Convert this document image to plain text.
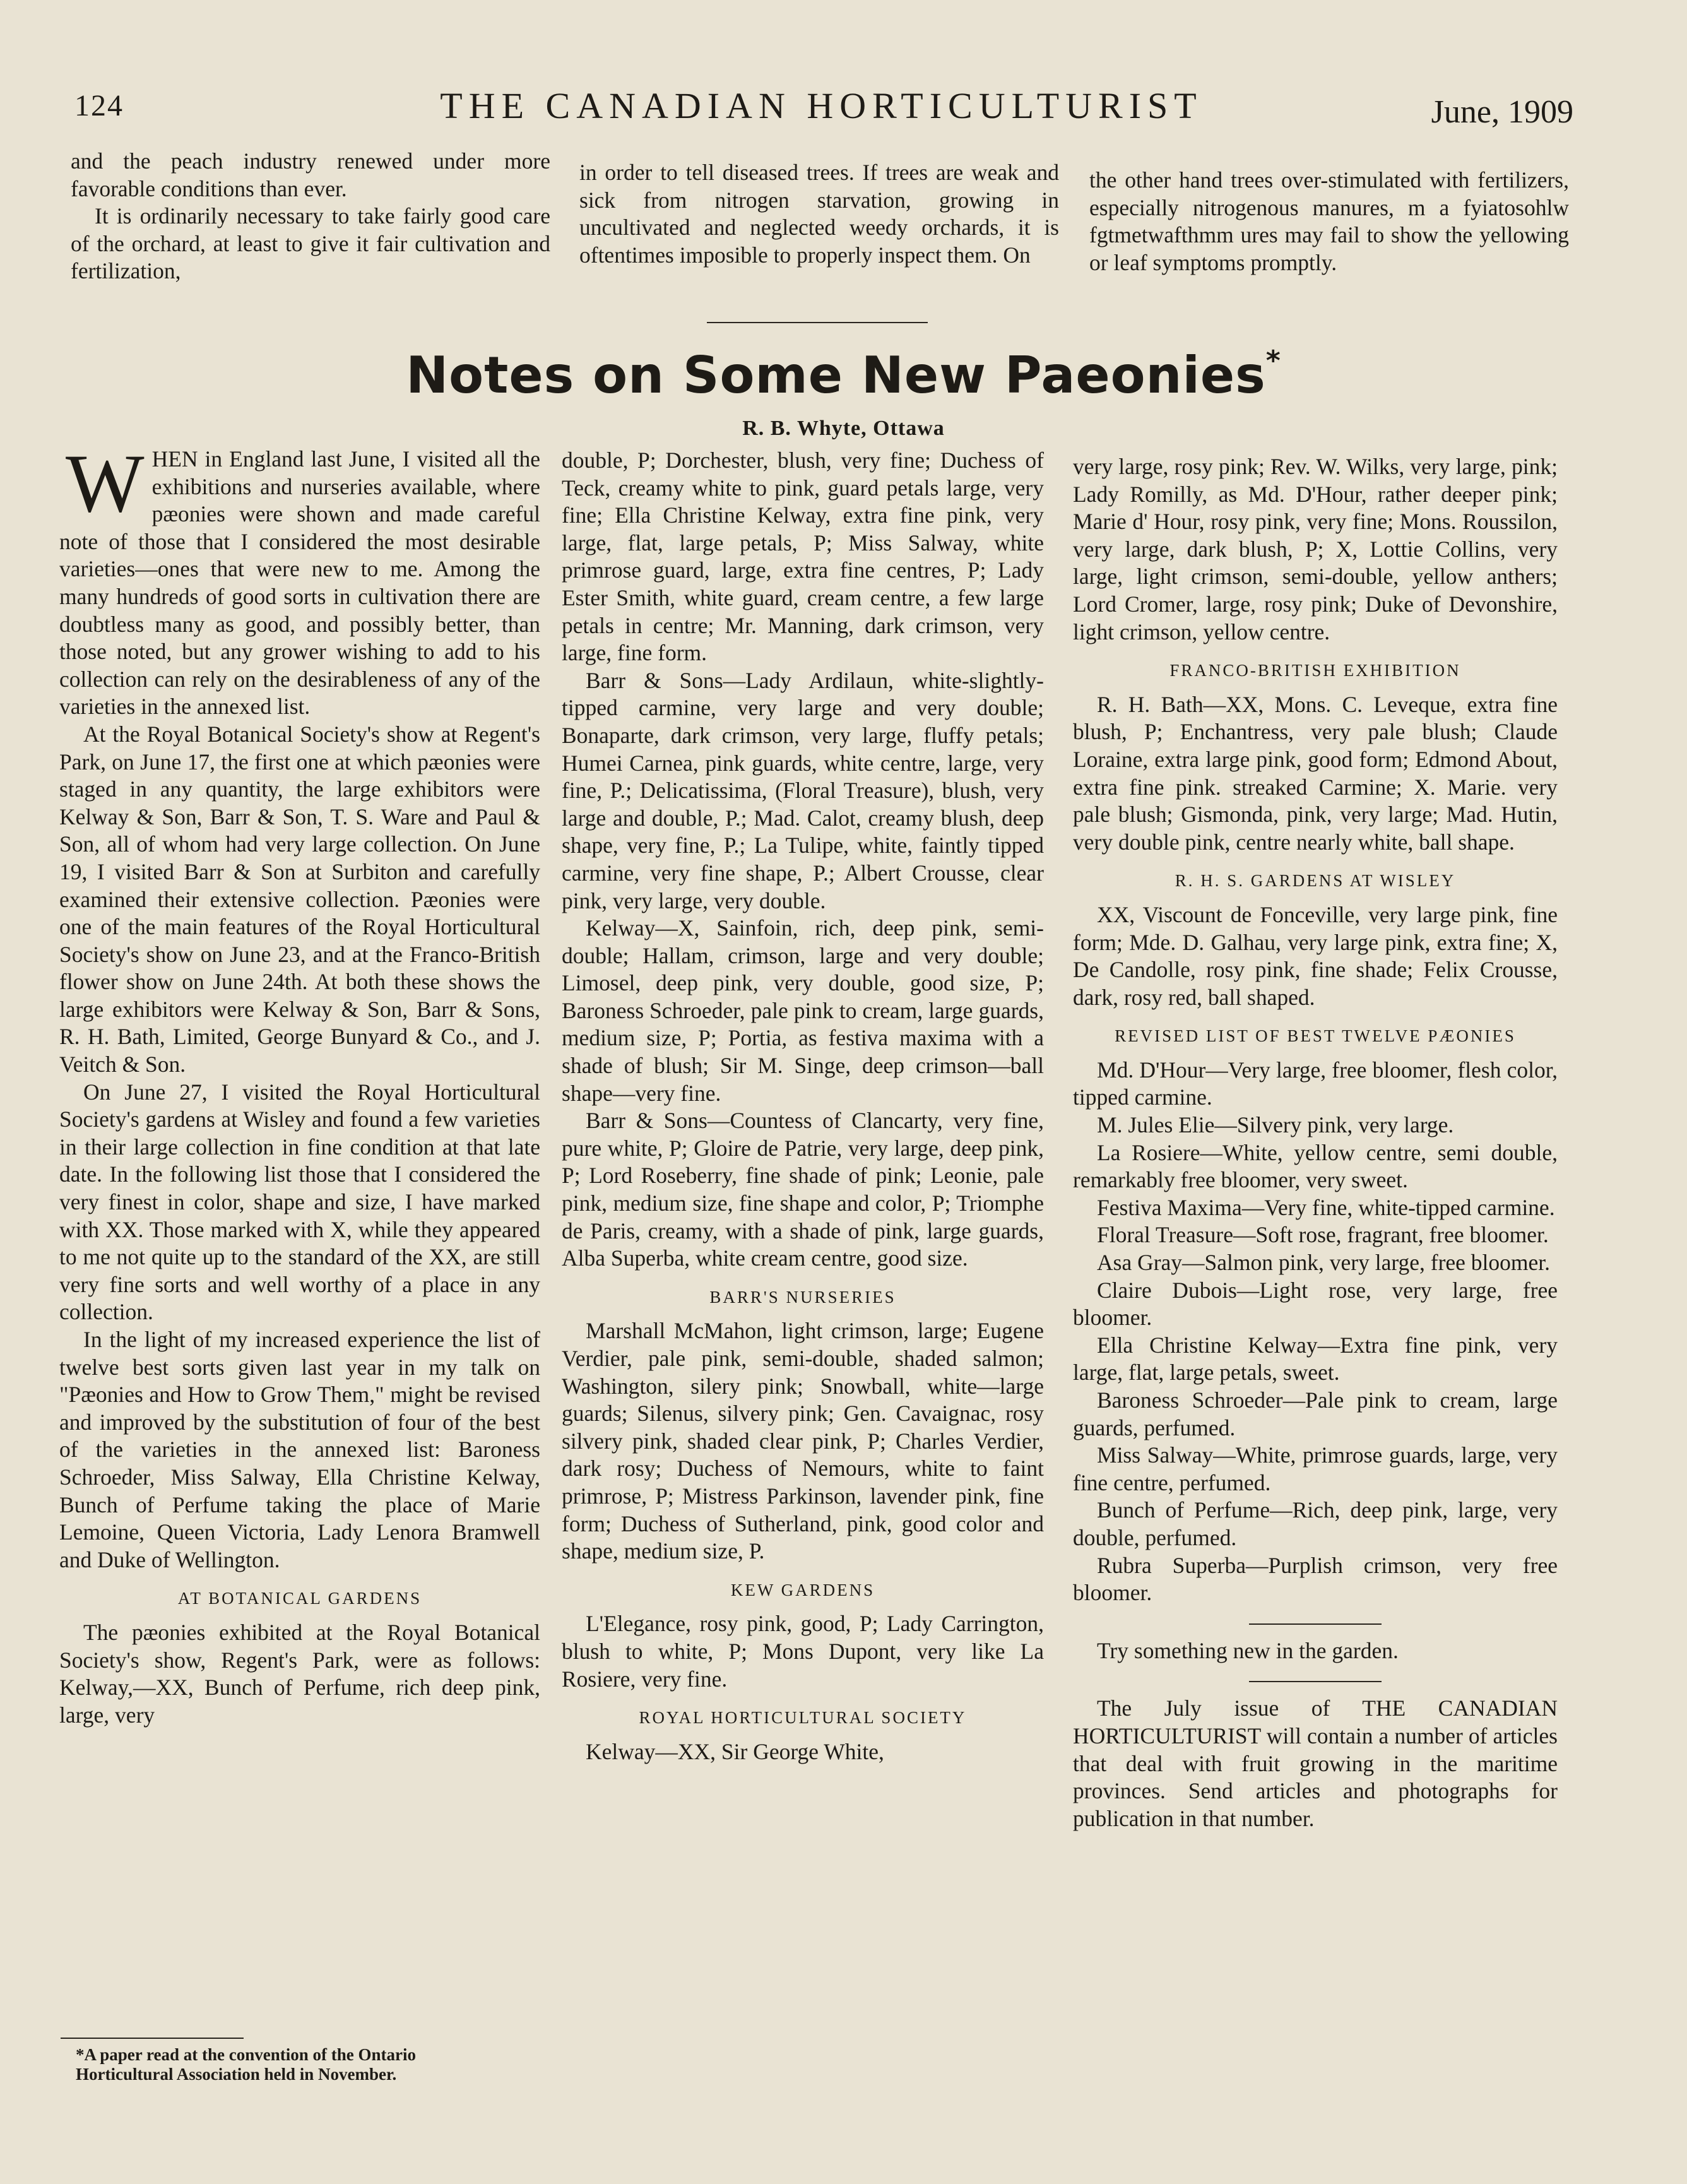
124	THE CANADIAN HORTICULTURIST	June, 1909

and the peach industry renewed under more favorable conditions than ever.

It is ordinarily necessary to take fairly good care of the orchard, at least to give it fair cultivation and fertilization,

in order to tell diseased trees. If trees are weak and sick from nitrogen starvation, growing in uncultivated and neglected weedy orchards, it is oftentimes imposible to properly inspect them. On

the other hand trees over-stimulated with fertilizers, especially nitrogenous manures, m a fyiatosohlw fgtmetwafthmm ures may fail to show the yellowing or leaf symptoms promptly.

Notes on Some New Paeonies*
R. B. Whyte, Ottawa

WHEN in England last June, I visited all the exhibitions and nurseries available, where pæonies were shown and made careful note of those that I considered the most desirable varieties—ones that were new to me. Among the many hundreds of good sorts in cultivation there are doubtless many as good, and possibly better, than those noted, but any grower wishing to add to his collection can rely on the desirableness of any of the varieties in the annexed list.

At the Royal Botanical Society's show at Regent's Park, on June 17, the first one at which pæonies were staged in any quantity, the large exhibitors were Kelway & Son, Barr & Son, T. S. Ware and Paul & Son, all of whom had very large collection. On June 19, I visited Barr & Son at Surbiton and carefully examined their extensive collection. Pæonies were one of the main features of the Royal Horticultural Society's show on June 23, and at the Franco-British flower show on June 24th. At both these shows the large exhibitors were Kelway & Son, Barr & Sons, R. H. Bath, Limited, George Bunyard & Co., and J. Veitch & Son.

On June 27, I visited the Royal Horticultural Society's gardens at Wisley and found a few varieties in their large collection in fine condition at that late date. In the following list those that I considered the very finest in color, shape and size, I have marked with XX. Those marked with X, while they appeared to me not quite up to the standard of the XX, are still very fine sorts and well worthy of a place in any collection.

In the light of my increased experience the list of twelve best sorts given last year in my talk on "Pæonies and How to Grow Them," might be revised and improved by the substitution of four of the best of the varieties in the annexed list: Baroness Schroeder, Miss Salway, Ella Christine Kelway, Bunch of Perfume taking the place of Marie Lemoine, Queen Victoria, Lady Lenora Bramwell and Duke of Wellington.

AT BOTANICAL GARDENS

The pæonies exhibited at the Royal Botanical Society's show, Regent's Park, were as follows: Kelway,—XX, Bunch of Perfume, rich deep pink, large, very

double, P; Dorchester, blush, very fine; Duchess of Teck, creamy white to pink, guard petals large, very fine; Ella Christine Kelway, extra fine pink, very large, flat, large petals, P; Miss Salway, white primrose guard, large, extra fine centres, P; Lady Ester Smith, white guard, cream centre, a few large petals in centre; Mr. Manning, dark crimson, very large, fine form.

Barr & Sons—Lady Ardilaun, white-slightly-tipped carmine, very large and very double; Bonaparte, dark crimson, very large, fluffy petals; Humei Carnea, pink guards, white centre, large, very fine, P.; Delicatissima, (Floral Treasure), blush, very large and double, P.; Mad. Calot, creamy blush, deep shape, very fine, P.; La Tulipe, white, faintly tipped carmine, very fine shape, P.; Albert Crousse, clear pink, very large, very double.

Kelway—X, Sainfoin, rich, deep pink, semi-double; Hallam, crimson, large and very double; Limosel, deep pink, very double, good size, P; Baroness Schroeder, pale pink to cream, large guards, medium size, P; Portia, as festiva maxima with a shade of blush; Sir M. Singe, deep crimson—ball shape—very fine.

Barr & Sons—Countess of Clancarty, very fine, pure white, P; Gloire de Patrie, very large, deep pink, P; Lord Roseberry, fine shade of pink; Leonie, pale pink, medium size, fine shape and color, P; Triomphe de Paris, creamy, with a shade of pink, large guards, Alba Superba, white cream centre, good size.

BARR'S NURSERIES

Marshall McMahon, light crimson, large; Eugene Verdier, pale pink, semi-double, shaded salmon; Washington, silery pink; Snowball, white—large guards; Silenus, silvery pink; Gen. Cavaignac, rosy silvery pink, shaded clear pink, P; Charles Verdier, dark rosy; Duchess of Nemours, white to faint primrose, P; Mistress Parkinson, lavender pink, fine form; Duchess of Sutherland, pink, good color and shape, medium size, P.

KEW GARDENS

L'Elegance, rosy pink, good, P; Lady Carrington, blush to white, P; Mons Dupont, very like La Rosiere, very fine.

ROYAL HORTICULTURAL SOCIETY

Kelway—XX, Sir George White,

very large, rosy pink; Rev. W. Wilks, very large, pink; Lady Romilly, as Md. D'Hour, rather deeper pink; Marie d' Hour, rosy pink, very fine; Mons. Roussilon, very large, dark blush, P; X, Lottie Collins, very large, light crimson, semi-double, yellow anthers; Lord Cromer, large, rosy pink; Duke of Devonshire, light crimson, yellow centre.

FRANCO-BRITISH EXHIBITION

R. H. Bath—XX, Mons. C. Leveque, extra fine blush, P; Enchantress, very pale blush; Claude Loraine, extra large pink, good form; Edmond About, extra fine pink. streaked Carmine; X. Marie. very pale blush; Gismonda, pink, very large; Mad. Hutin, very double pink, centre nearly white, ball shape.

R. H. S. GARDENS AT WISLEY

XX, Viscount de Fonceville, very large pink, fine form; Mde. D. Galhau, very large pink, extra fine; X, De Candolle, rosy pink, fine shade; Felix Crousse, dark, rosy red, ball shaped.

REVISED LIST OF BEST TWELVE PÆONIES

Md. D'Hour—Very large, free bloomer, flesh color, tipped carmine.

M. Jules Elie—Silvery pink, very large.

La Rosiere—White, yellow centre, semi double, remarkably free bloomer, very sweet.

Festiva Maxima—Very fine, white-tipped carmine.

Floral Treasure—Soft rose, fragrant, free bloomer.

Asa Gray—Salmon pink, very large, free bloomer.

Claire Dubois—Light rose, very large, free bloomer.

Ella Christine Kelway—Extra fine pink, very large, flat, large petals, sweet.

Baroness Schroeder—Pale pink to cream, large guards, perfumed.

Miss Salway—White, primrose guards, large, very fine centre, perfumed.

Bunch of Perfume—Rich, deep pink, large, very double, perfumed.

Rubra Superba—Purplish crimson, very free bloomer.

Try something new in the garden.

The July issue of THE CANADIAN HORTICULTURIST will contain a number of articles that deal with fruit growing in the maritime provinces. Send articles and photographs for publication in that number.

*A paper read at the convention of the Ontario Horticultural Association held in November.
